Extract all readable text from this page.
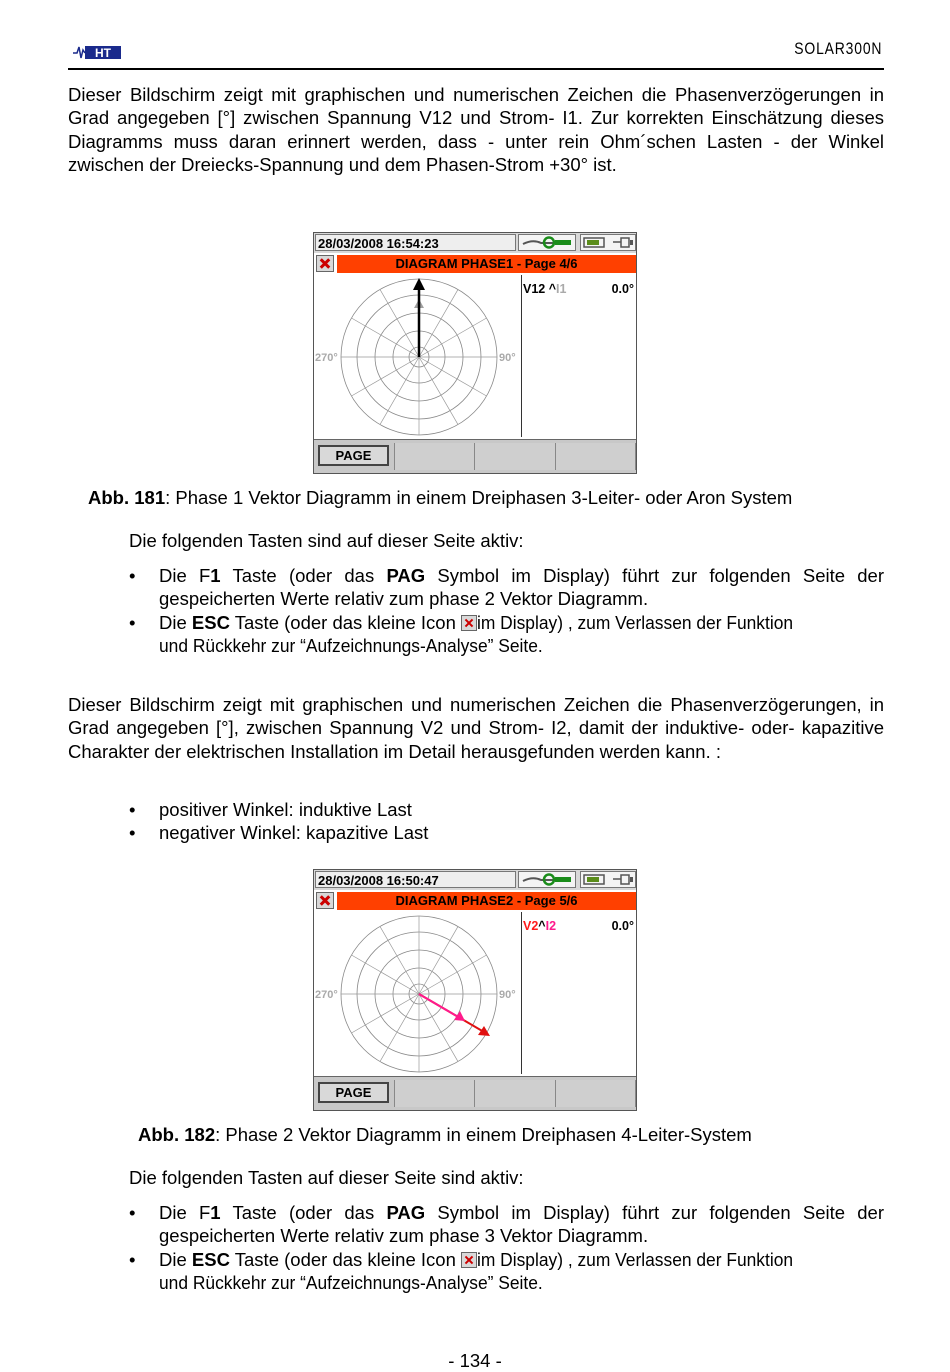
HT	SOLAR300N
Dieser Bildschirm zeigt mit graphischen und numerischen Zeichen die Phasenverzögerungen in Grad angegeben [°] zwischen Spannung V12 und Strom- I1. Zur korrekten Einschätzung dieses Diagramms muss daran erinnert werden, dass - unter rein Ohm´schen Lasten - der Winkel zwischen der Dreiecks-Spannung und dem Phasen-Strom +30° ist.
28/03/2008 16:54:23
DIAGRAM PHASE1 - Page 4/6
270°	90°
V12 ^I1	0.0°
PAGE
Abb. 181: Phase 1 Vektor Diagramm in einem Dreiphasen 3-Leiter- oder Aron System
Die folgenden Tasten sind auf dieser Seite aktiv:
• Die F1 Taste (oder das PAG Symbol im Display) führt zur folgenden Seite der gespeicherten Werte relativ zum phase 2 Vektor Diagramm.
• Die ESC Taste (oder das kleine Icon im Display) , zum Verlassen der Funktion
und Rückkehr zur “Aufzeichnungs-Analyse” Seite.
Dieser Bildschirm zeigt mit graphischen und numerischen Zeichen die Phasenverzögerungen, in Grad angegeben [°], zwischen Spannung V2 und Strom- I2, damit der induktive- oder- kapazitive Charakter der elektrischen Installation im Detail herausgefunden werden kann. :
• positiver Winkel: induktive Last
• negativer Winkel: kapazitive Last
28/03/2008 16:50:47
DIAGRAM PHASE2 - Page 5/6
270°	90°
V2^I2	0.0°
PAGE
Abb. 182: Phase 2 Vektor Diagramm in einem Dreiphasen 4-Leiter-System
Die folgenden Tasten auf dieser Seite sind aktiv:
• Die F1 Taste (oder das PAG Symbol im Display) führt zur folgenden Seite der gespeicherten Werte relativ zum phase 3 Vektor Diagramm.
• Die ESC Taste (oder das kleine Icon im Display) , zum Verlassen der Funktion
und Rückkehr zur “Aufzeichnungs-Analyse” Seite.
- 134 -
